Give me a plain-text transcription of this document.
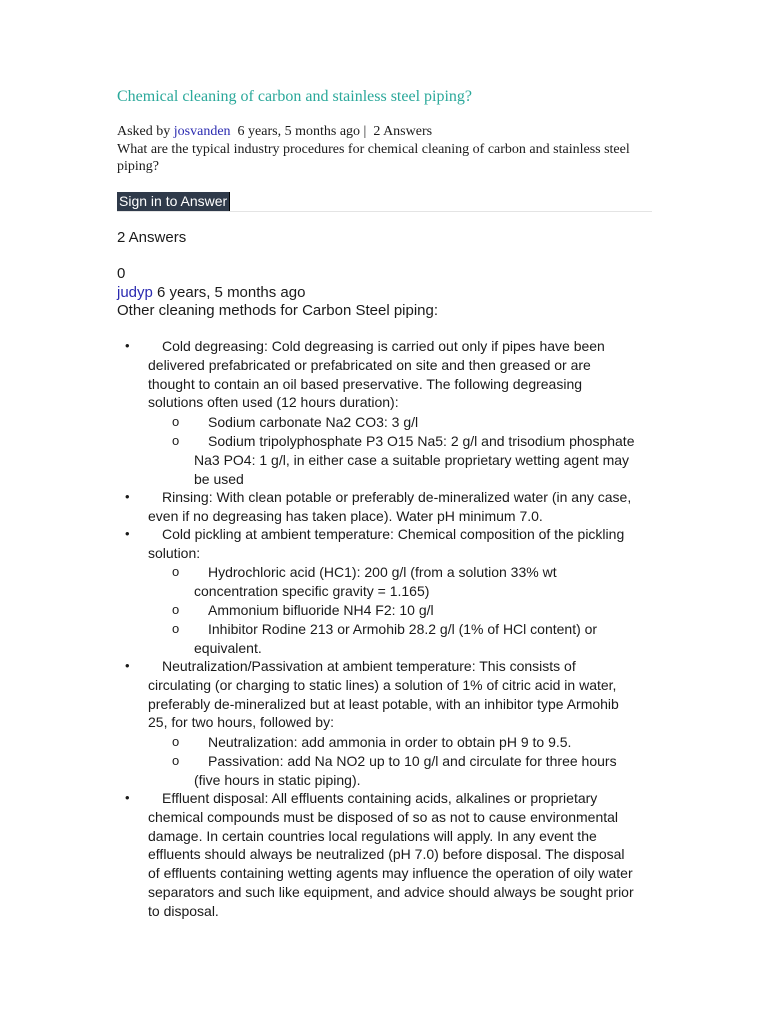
Chemical cleaning of carbon and stainless steel piping?
Asked by josvanden 6 years, 5 months ago | 2 Answers
What are the typical industry procedures for chemical cleaning of carbon and stainless steel piping?
Sign in to Answer
2 Answers
0
judyp 6 years, 5 months ago
Other cleaning methods for Carbon Steel piping:
•	Cold degreasing: Cold degreasing is carried out only if pipes have been delivered prefabricated or prefabricated on site and then greased or are thought to contain an oil based preservative. The following degreasing solutions often used (12 hours duration):
o	Sodium carbonate Na2 CO3: 3 g/l
o	Sodium tripolyphosphate P3 O15 Na5: 2 g/l and trisodium phosphate Na3 PO4: 1 g/l, in either case a suitable proprietary wetting agent may be used
•	Rinsing: With clean potable or preferably de-mineralized water (in any case, even if no degreasing has taken place). Water pH minimum 7.0.
•	Cold pickling at ambient temperature: Chemical composition of the pickling solution:
o	Hydrochloric acid (HC1): 200 g/l (from a solution 33% wt concentration specific gravity = 1.165)
o	Ammonium bifluoride NH4 F2: 10 g/l
o	Inhibitor Rodine 213 or Armohib 28.2 g/l (1% of HCl content) or equivalent.
•	Neutralization/Passivation at ambient temperature: This consists of circulating (or charging to static lines) a solution of 1% of citric acid in water, preferably de-mineralized but at least potable, with an inhibitor type Armohib 25, for two hours, followed by:
o	Neutralization: add ammonia in order to obtain pH 9 to 9.5.
o	Passivation: add Na NO2 up to 10 g/l and circulate for three hours (five hours in static piping).
•	Effluent disposal: All effluents containing acids, alkalines or proprietary chemical compounds must be disposed of so as not to cause environmental damage. In certain countries local regulations will apply. In any event the effluents should always be neutralized (pH 7.0) before disposal. The disposal of effluents containing wetting agents may influence the operation of oily water separators and such like equipment, and advice should always be sought prior to disposal.
